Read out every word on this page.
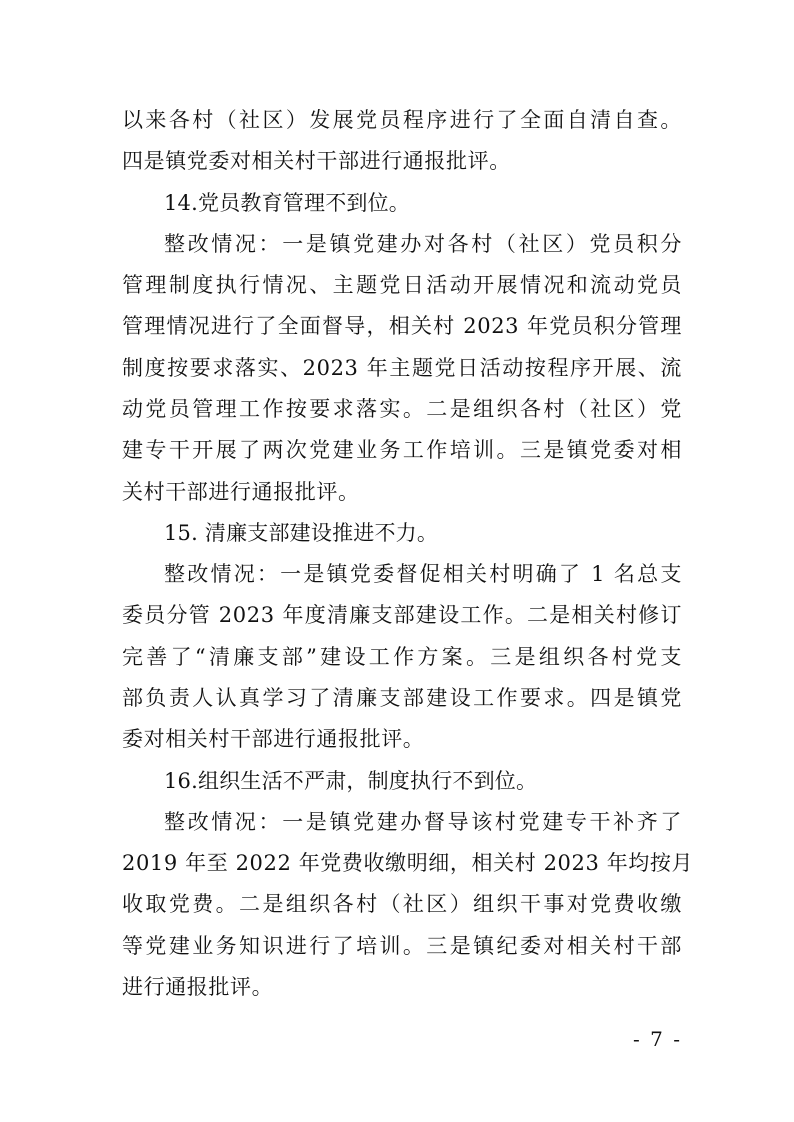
以来各村（社区）发展党员程序进行了全面自清自查。
四是镇党委对相关村干部进行通报批评。
14.党员教育管理不到位。
整改情况：一是镇党建办对各村（社区）党员积分
管理制度执行情况、主题党日活动开展情况和流动党员
管理情况进行了全面督导，相关村 2023 年党员积分管理
制度按要求落实、2023 年主题党日活动按程序开展、流
动党员管理工作按要求落实。二是组织各村（社区）党
建专干开展了两次党建业务工作培训。三是镇党委对相
关村干部进行通报批评。
15. 清廉支部建设推进不力。
整改情况：一是镇党委督促相关村明确了 1 名总支
委员分管 2023 年度清廉支部建设工作。二是相关村修订
完善了“清廉支部”建设工作方案。三是组织各村党支
部负责人认真学习了清廉支部建设工作要求。四是镇党
委对相关村干部进行通报批评。
16.组织生活不严肃，制度执行不到位。
整改情况：一是镇党建办督导该村党建专干补齐了
2019 年至 2022 年党费收缴明细，相关村 2023 年均按月
收取党费。二是组织各村（社区）组织干事对党费收缴
等党建业务知识进行了培训。三是镇纪委对相关村干部
进行通报批评。
- 7 -
